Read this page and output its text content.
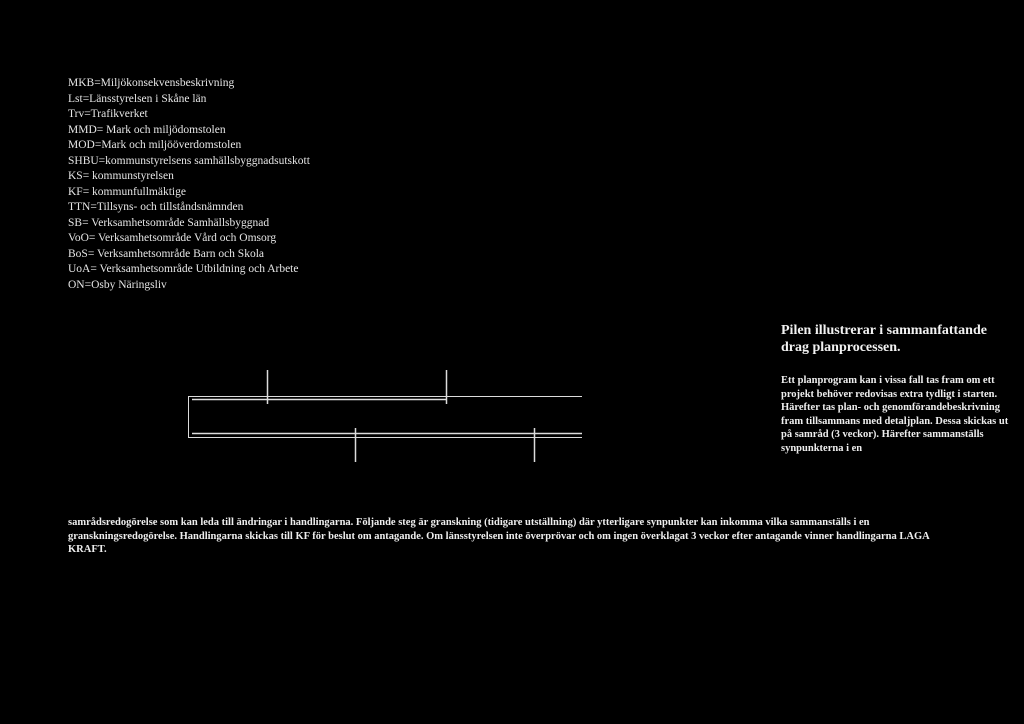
MKB=Miljökonsekvensbeskrivning
Lst=Länsstyrelsen i Skåne län
Trv=Trafikverket
MMD= Mark och miljödomstolen
MOD=Mark och miljööverdomstolen
SHBU=kommunstyrelsens samhällsbyggnadsutskott
KS= kommunstyrelsen
KF= kommunfullmäktige
TTN=Tillsyns- och tillståndsnämnden
SB= Verksamhetsområde Samhällsbyggnad
VoO= Verksamhetsområde Vård och Omsorg
BoS= Verksamhetsområde Barn och Skola
UoA= Verksamhetsområde Utbildning och Arbete
ON=Osby Näringsliv
Pilen illustrerar i sammanfattande drag planprocessen.
Ett planprogram kan i vissa fall tas fram om ett projekt behöver redovisas extra tydligt i starten. Härefter tas plan- och genomförandebeskrivning fram tillsammans med detaljplan. Dessa skickas ut på samråd (3 veckor). Härefter sammanställs synpunkterna i en
samrådsredogörelse som kan leda till ändringar i handlingarna. Följande steg är granskning (tidigare utställning) där ytterligare synpunkter kan inkomma vilka sammanställs i en granskningsredogörelse. Handlingarna skickas till KF för beslut om antagande. Om länsstyrelsen inte överprövar och om ingen överklagat 3 veckor efter antagande vinner handlingarna LAGA KRAFT.
